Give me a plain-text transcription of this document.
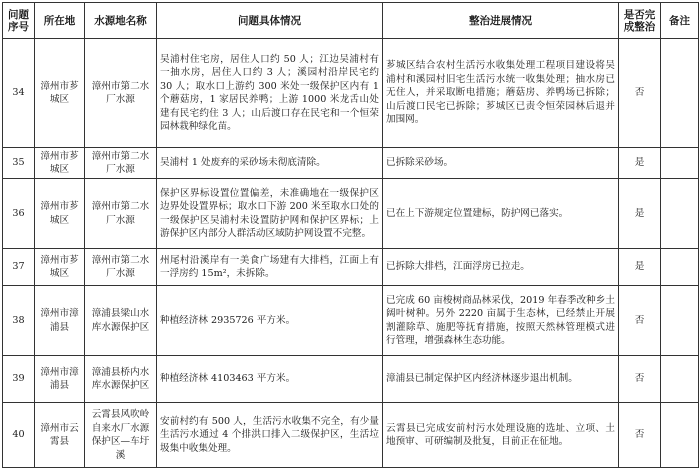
问题序号	所在地	水源地名称	问题具体情况	整治进展情况	是否完成整治	备注
34	漳州市芗城区	漳州市第二水厂水源	吴浦村住宅房，居住人口约 50 人；江边吴浦村有一抽水房，居住人口约 3 人；溪园村沿岸民宅约 30 人；取水口上游约 300 米处一级保护区内有 1 个蘑菇房，1 家居民养鸭；上游 1000 米龙舌山处建有民宅约住 3 人；山后渡口存在民宅和一个恒荣园林栽种绿化苗。	芗城区结合农村生活污水收集处理工程项目建设将吴浦村和溪园村旧宅生活污水统一收集处理；抽水房已无住人，并采取断电措施；蘑菇房、养鸭场已拆除；山后渡口民宅已拆除；芗城区已责令恒荣园林后退并加围网。	否	
35	漳州市芗城区	漳州市第二水厂水源	吴浦村 1 处废弃的采砂场未彻底清除。	已拆除采砂场。	是	
36	漳州市芗城区	漳州市第二水厂水源	保护区界标设置位置偏差，未准确地在一级保护区边界处设置界标；取水口下游 200 米至取水口处的一级保护区吴浦村未设置防护网和保护区界标；上游保护区内部分人群活动区域防护网设置不完整。	已在上下游规定位置建标，防护网已落实。	是	
37	漳州市芗城区	漳州市第二水厂水源	州尾村沿溪岸有一美食广场建有大排档，江面上有一浮房约 15m²，未拆除。	已拆除大排档，江面浮房已拉走。	是	
38	漳州市漳浦县	漳浦县梁山水库水源保护区	种植经济林 2935726 平方米。	已完成 60 亩梭树商品林采伐，2019 年春季改种乡土阔叶树种。另外 2220 亩属于生态林，已经禁止开展割灌除草、施肥等抚育措施，按照天然林管理模式进行管理，增强森林生态功能。	否	
39	漳州市漳浦县	漳浦县桥内水库水源保护区	种植经济林 4103463 平方米。	漳浦县已制定保护区内经济林逐步退出机制。	否	
40	漳州市云霄县	云霄县风吹岭自来水厂水源保护区—车圩溪	安前村约有 500 人，生活污水收集不完全，有少量生活污水通过 4 个排洪口排入二级保护区，生活垃圾集中收集处理。	云霄县已完成安前村污水处理设施的选址、立项、土地预审、可研编制及批复，目前正在征地。	否	
